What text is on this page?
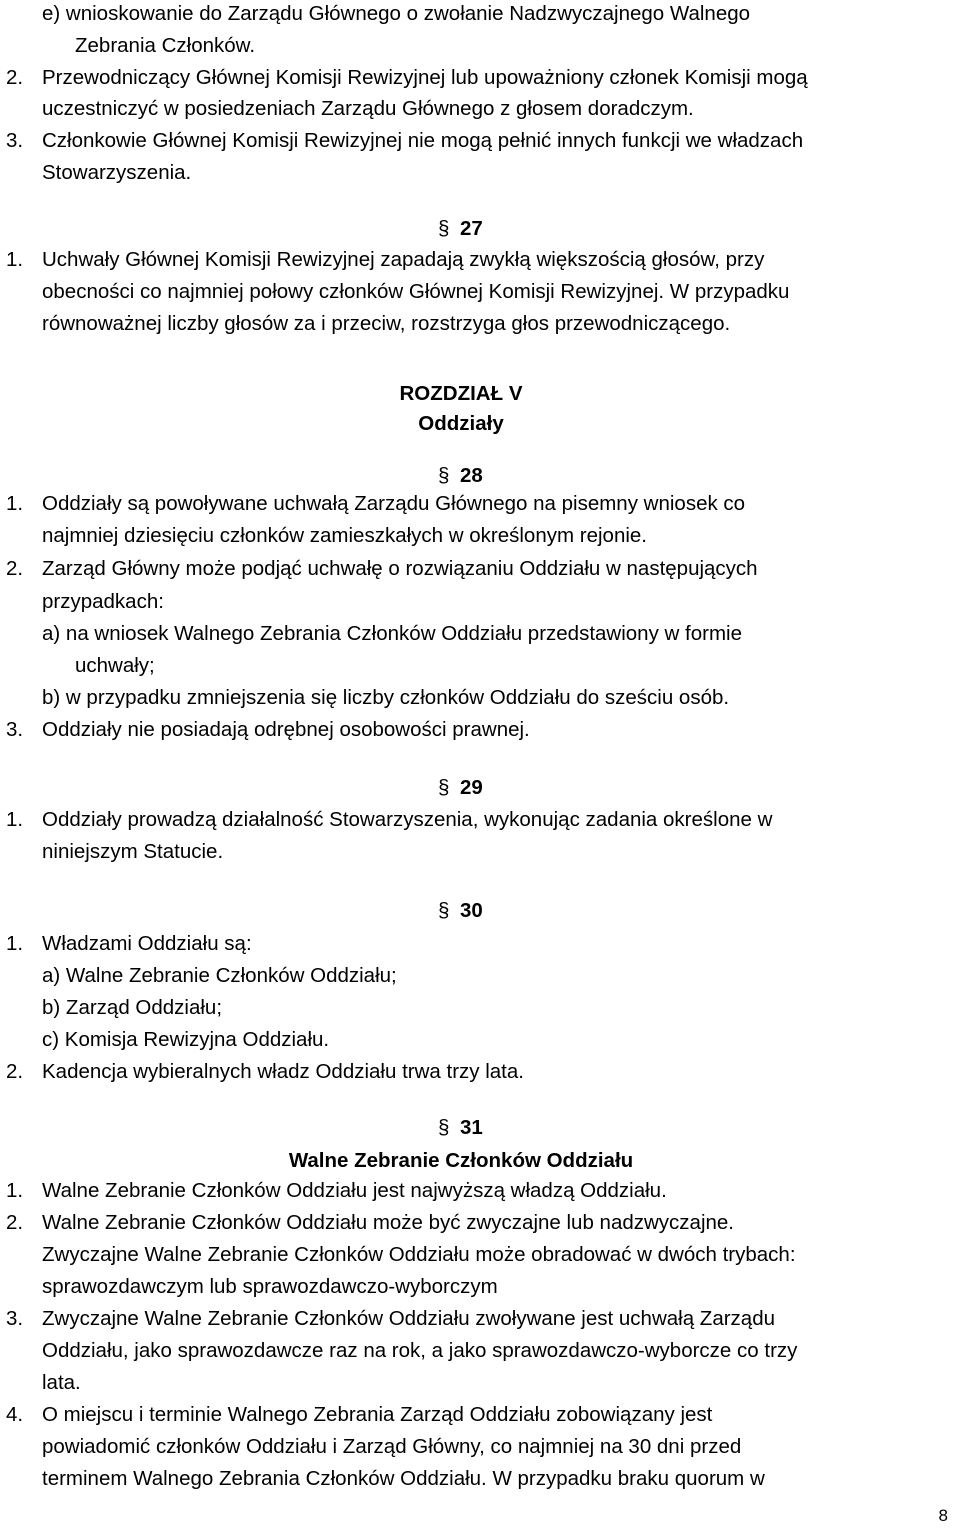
e) wnioskowanie do Zarządu Głównego o zwołanie Nadzwyczajnego Walnego
Zebrania Członków.
2. Przewodniczący Głównej Komisji Rewizyjnej lub upoważniony członek Komisji mogą
uczestniczyć w posiedzeniach Zarządu Głównego z głosem doradczym.
3. Członkowie Głównej Komisji Rewizyjnej nie mogą pełnić innych funkcji we władzach
Stowarzyszenia.
1. Uchwały Głównej Komisji Rewizyjnej zapadają zwykłą większością głosów, przy
obecności co najmniej połowy członków Głównej Komisji Rewizyjnej. W przypadku
równoważnej liczby głosów za i przeciw, rozstrzyga głos przewodniczącego.
1. Oddziały są powoływane uchwałą Zarządu Głównego na pisemny wniosek co
najmniej dziesięciu członków zamieszkałych w określonym rejonie.
2. Zarząd Główny może podjąć uchwałę o rozwiązaniu Oddziału w następujących
przypadkach:
a) na wniosek Walnego Zebrania Członków Oddziału przedstawiony w formie
uchwały;
b) w przypadku zmniejszenia się liczby członków Oddziału do sześciu osób.
3. Oddziały nie posiadają odrębnej osobowości prawnej.
1. Oddziały prowadzą działalność Stowarzyszenia, wykonując zadania określone w
niniejszym Statucie.
1. Władzami Oddziału są:
a) Walne Zebranie Członków Oddziału;
b) Zarząd Oddziału;
c) Komisja Rewizyjna Oddziału.
2. Kadencja wybieralnych władz Oddziału trwa trzy lata.
1. Walne Zebranie Członków Oddziału jest najwyższą władzą Oddziału.
2. Walne Zebranie Członków Oddziału może być zwyczajne lub nadzwyczajne.
Zwyczajne Walne Zebranie Członków Oddziału może obradować w dwóch trybach:
sprawozdawczym lub sprawozdawczo-wyborczym
3. Zwyczajne Walne Zebranie Członków Oddziału zwoływane jest uchwałą Zarządu
Oddziału, jako sprawozdawcze raz na rok, a jako sprawozdawczo-wyborcze co trzy
lata.
4. O miejscu i terminie Walnego Zebrania Zarząd Oddziału zobowiązany jest
powiadomić członków Oddziału i Zarząd Główny, co najmniej na 30 dni przed
terminem Walnego Zebrania Członków Oddziału. W przypadku braku quorum w
§ 27
§ 28
§ 29
§ 30
§ 31
ROZDZIAŁ V
Oddziały
Walne Zebranie Członków Oddziału
8
